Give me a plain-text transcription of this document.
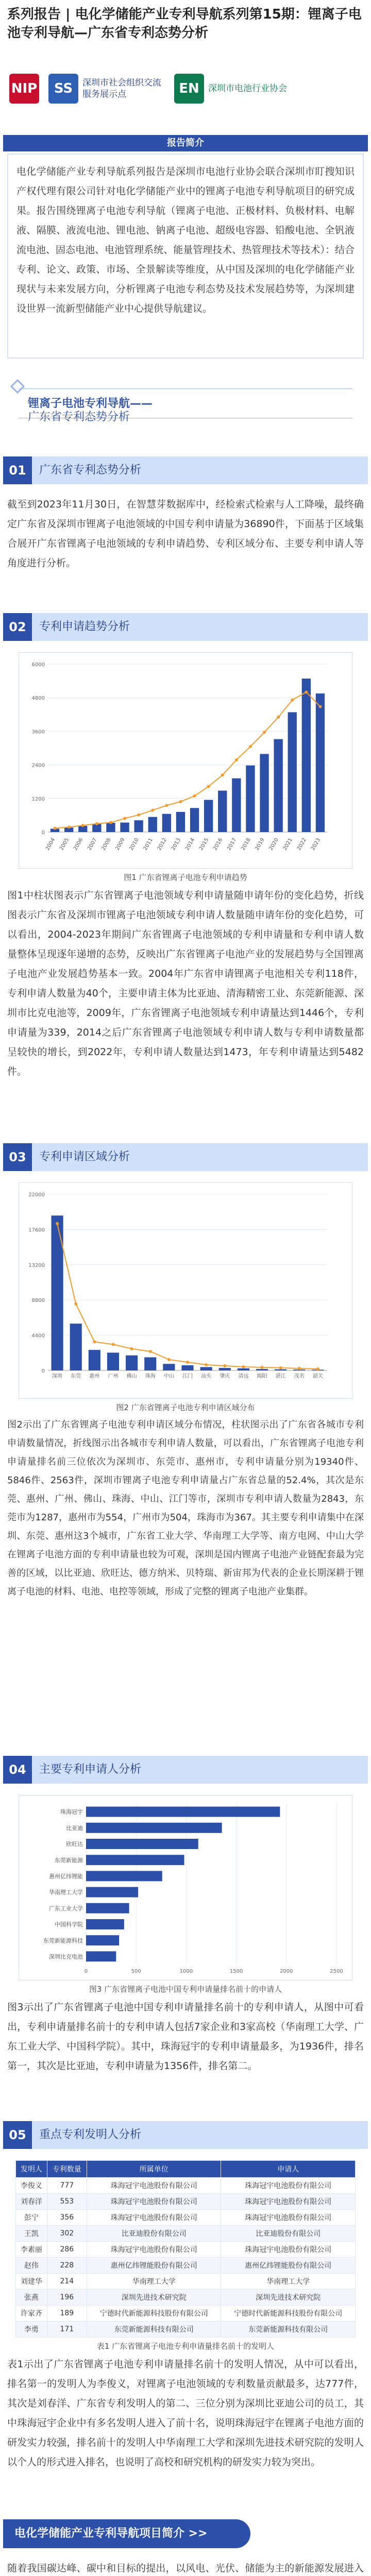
系列报告 | 电化学储能产业专利导航系列第15期：锂离子电池专利导航—广东省专利态势分析
NIP	SS	深圳市社会组织交流服务展示点	EN	深圳市电池行业协会
报告简介
电化学储能产业专利导航系列报告是深圳市电池行业协会联合深圳市盯搜知识产权代理有限公司针对电化学储能产业中的锂离子电池专利导航项目的研究成果。报告围绕锂离子电池专利导航（锂离子电池、正极材料、负极材料、电解液、隔膜、液流电池、锂电池、钠离子电池、超级电容器、铅酸电池、全钒液流电池、固态电池、电池管理系统、能量管理技术、热管理技术等技术）：结合专利、论文、政策、市场、全景解读等维度，从中国及深圳的电化学储能产业现状与未来发展方向，分析锂离子电池专利态势及技术发展趋势等，为深圳建设世界一流新型储能产业中心提供导航建议。
锂离子电池专利导航——
广东省专利态势分析
01	广东省专利态势分析
截至到2023年11月30日，在智慧芽数据库中，经检索式检索与人工降噪，最终确定广东省及深圳市锂离子电池领域的中国专利申请量为36890件，下面基于区域集合展开广东省锂离子电池领域的专利申请趋势、专利区域分布、主要专利申请人等角度进行分析。
02	专利申请趋势分析
0
1200
2400
3600
4800
6000
2004 2005 2006 2007 2008 2009 2010 2011 2012 2013 2014 2015 2016 2017 2018 2019 2020 2021 2022 2023
图1 广东省锂离子电池专利申请趋势
图1中柱状图表示广东省锂离子电池领域专利申请量随申请年份的变化趋势，折线图表示广东省及深圳市锂离子电池领域专利申请人数量随申请年份的变化趋势，可以看出，2004-2023年期间广东省锂离子电池领域的专利申请量和专利申请人数量整体呈现逐年递增的态势，反映出广东省锂离子电池产业的发展趋势与全国锂离子电池产业发展趋势基本一致。2004年广东省申请锂离子电池相关专利118件，专利申请人数量为40个，主要申请主体为比亚迪、清海精密工业、东莞新能源、深圳市比克电池等，2009年，广东省锂离子电池领域专利申请量达到1446个，专利申请量为339，2014之后广东省锂离子电池领域专利申请人数与专利申请数量都呈较快的增长，到2022年，专利申请人数量达到1473，年专利申请量达到5482件。
03	专利申请区域分析
0
4400
8800
13200
17600
22000
深圳 东莞 惠州 广州 佛山 珠海 中山 江门 汕头 肇庆 清远 揭阳 湛江 茂名 韶关
图2 广东省锂离子电池专利申请区域分布
图2示出了广东省锂离子电池专利申请区域分布情况，柱状图示出了广东省各城市专利申请数量情况，折线图示出各城市专利申请人数量，可以看出，广东省锂离子电池专利申请量排名前三位依次为深圳市、东莞市、惠州市，专利申请量分别为19340件、5846件、2563件，深圳市锂离子电池专利申请量占广东省总量的52.4%，其次是东莞、惠州、广州、佛山、珠海、中山、江门等市，深圳市专利申请人数量为2843，东莞市为1287，惠州市为554，广州市为504，珠海市为367。其主要专利申请集中在深圳、东莞、惠州这3个城市，广东省工业大学、华南理工大学等、南方电网、中山大学在锂离子电池方面的专利申请量也较为可观，深圳是国内锂离子电池产业链配套最为完善的区域，以比亚迪、欣旺达、德方纳米、贝特瑞、新宙邦为代表的企业长期深耕于锂离子电池的材料、电池、电控等领域，形成了完整的锂离子电池产业集群。
04	主要专利申请人分析
0	500	1000	1500	2000	2500
珠海冠宇
比亚迪
欣旺达
东莞新能源
惠州亿纬锂能
华南理工大学
广东工业大学
中国科学院
东莞新能源科技
深圳比克电池
图3 广东省锂离子电池中国专利申请量排名前十的申请人
图3示出了广东省锂离子电池中国专利申请量排名前十的专利申请人，从图中可看出，专利申请量排名前十的专利申请人包括7家企业和3家高校（华南理工大学、广东工业大学、中国科学院）。其中，珠海冠宇的专利申请量最多，为1936件，排名第一，其次是比亚迪，专利申请量为1356件，排名第二。
05	重点专利发明人分析
发明人	专利数量	所属单位	申请人
李俊义	777	珠海冠宇电池股份有限公司	珠海冠宇电池股份有限公司
刘春洋	553	珠海冠宇电池股份有限公司	珠海冠宇电池股份有限公司
彭宁	356	珠海冠宇电池股份有限公司	珠海冠宇电池股份有限公司
王凯	302	比亚迪股份有限公司	比亚迪股份有限公司
李素丽	286	珠海冠宇电池股份有限公司	珠海冠宇电池股份有限公司
赵伟	228	惠州亿纬锂能股份有限公司	惠州亿纬锂能股份有限公司
刘建华	214	华南理工大学	华南理工大学
张燕	196	深圳先进技术研究院	深圳先进技术研究院
许家齐	189	宁德时代新能源科技股份有限公司	宁德时代新能源科技股份有限公司
李勇	171	东莞新能源科技有限公司	东莞新能源科技有限公司
表1 广东省锂离子电池专利申请量排名前十的发明人
表1示出了广东省锂离子电池专利申请量排名前十的发明人情况，从中可以看出，排名第一的发明人为李俊义，对锂离子电池领域的专利数量贡献最多，达777件，其次是刘春洋、广东省专利发明人的第二、三位分别为深圳比亚迪公司的员工，其中珠海冠宇企业中有多名发明人进入了前十名，说明珠海冠宇在锂离子电池方面的研发实力较强，排名前十的发明人中华南理工大学和深圳先进技术研究院的发明人以个人的形式进入排名，也说明了高校和研究机构的研发实力较为突出。
电化学储能产业专利导航项目简介 >>
随着我国碳达峰、碳中和目标的提出，以风电、光伏、储能为主的新能源发展进入
